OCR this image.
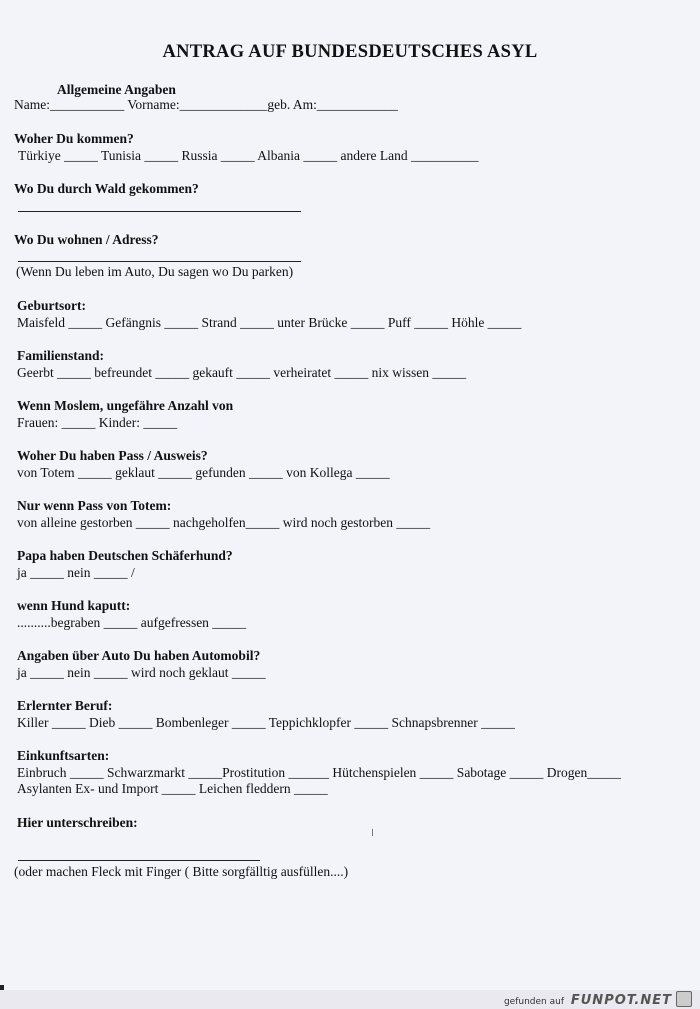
ANTRAG AUF BUNDESDEUTSCHES ASYL
Allgemeine Angaben
Name:___________ Vorname:_____________geb. Am:____________
Woher Du kommen?
Türkiye _____ Tunisia _____ Russia _____ Albania _____ andere Land __________
Wo Du durch Wald gekommen?
Wo Du wohnen / Adress?
(Wenn Du leben im Auto, Du sagen wo Du parken)
Geburtsort:
Maisfeld _____ Gefängnis _____ Strand _____ unter Brücke _____ Puff _____ Höhle _____
Familienstand:
Geerbt _____ befreundet _____ gekauft _____ verheiratet _____ nix wissen _____
Wenn Moslem, ungefähre Anzahl von
Frauen: _____ Kinder: _____
Woher Du haben Pass / Ausweis?
von Totem _____ geklaut _____ gefunden _____ von Kollega _____
Nur wenn Pass von Totem:
von alleine gestorben _____ nachgeholfen_____ wird noch gestorben _____
Papa haben Deutschen Schäferhund?
ja _____ nein _____ /
wenn Hund kaputt:
..........begraben _____ aufgefressen _____
Angaben über Auto Du haben Automobil?
ja _____ nein _____ wird noch geklaut _____
Erlernter Beruf:
Killer _____ Dieb _____ Bombenleger _____ Teppichklopfer _____ Schnapsbrenner _____
Einkunftsarten:
Einbruch _____ Schwarzmarkt _____Prostitution ______ Hütchenspielen _____ Sabotage _____ Drogen_____
Asylanten Ex- und Import _____ Leichen fleddern _____
Hier unterschreiben:
(oder machen Fleck mit Finger ( Bitte sorgfälltig ausfüllen....)
gefunden auf FUNPOT.NET
